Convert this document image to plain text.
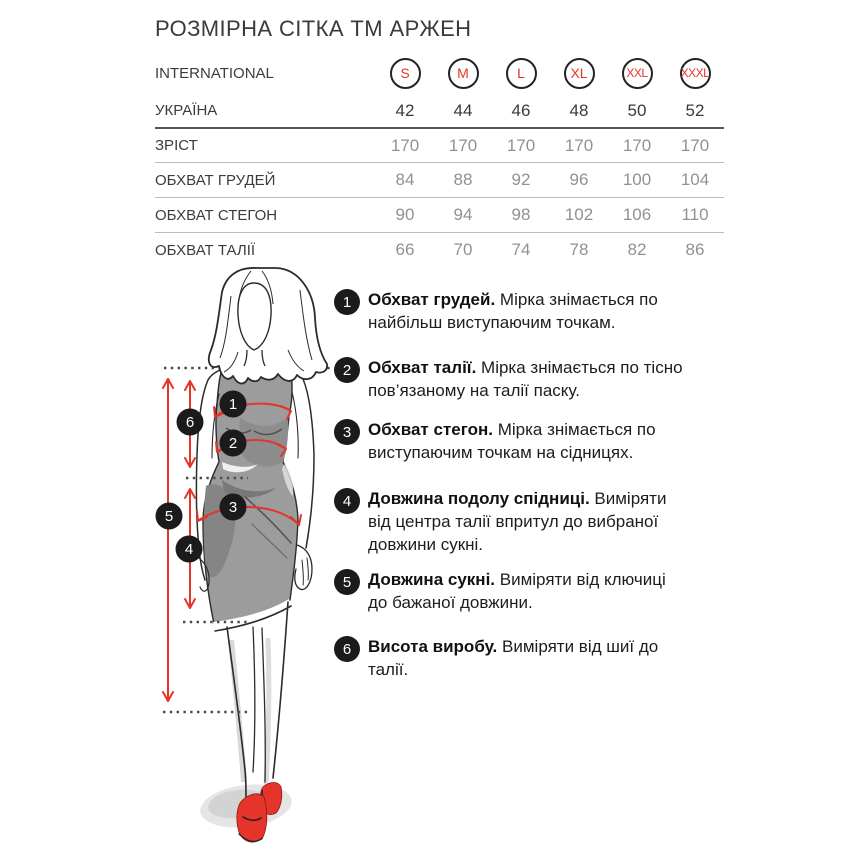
РОЗМІРНА СІТКА ТМ АРЖЕН
INTERNATIONAL	S	M	L	XL	XXL	XXXL
УКРАЇНА	42	44	46	48	50	52
ЗРІСТ	170	170	170	170	170	170
ОБХВАТ ГРУДЕЙ	84	88	92	96	100	104
ОБХВАТ СТЕГОН	90	94	98	102	106	110
ОБХВАТ ТАЛІЇ	66	70	74	78	82	86
1 Обхват грудей. Мірка знімається по найбільш виступаючим точкам.

2 Обхват талії. Мірка знімається по тісно пов’язаному на талії паску.

3 Обхват стегон. Мірка знімається по виступаючим точкам на сідницях.

4 Довжина подолу спідниці. Виміряти від центра талії впритул до вибраної довжини сукні.

5 Довжина сукні. Виміряти від ключиці до бажаної довжини.

6 Висота виробу. Виміряти від шиї до талії.

1
2
3
4
5
6
